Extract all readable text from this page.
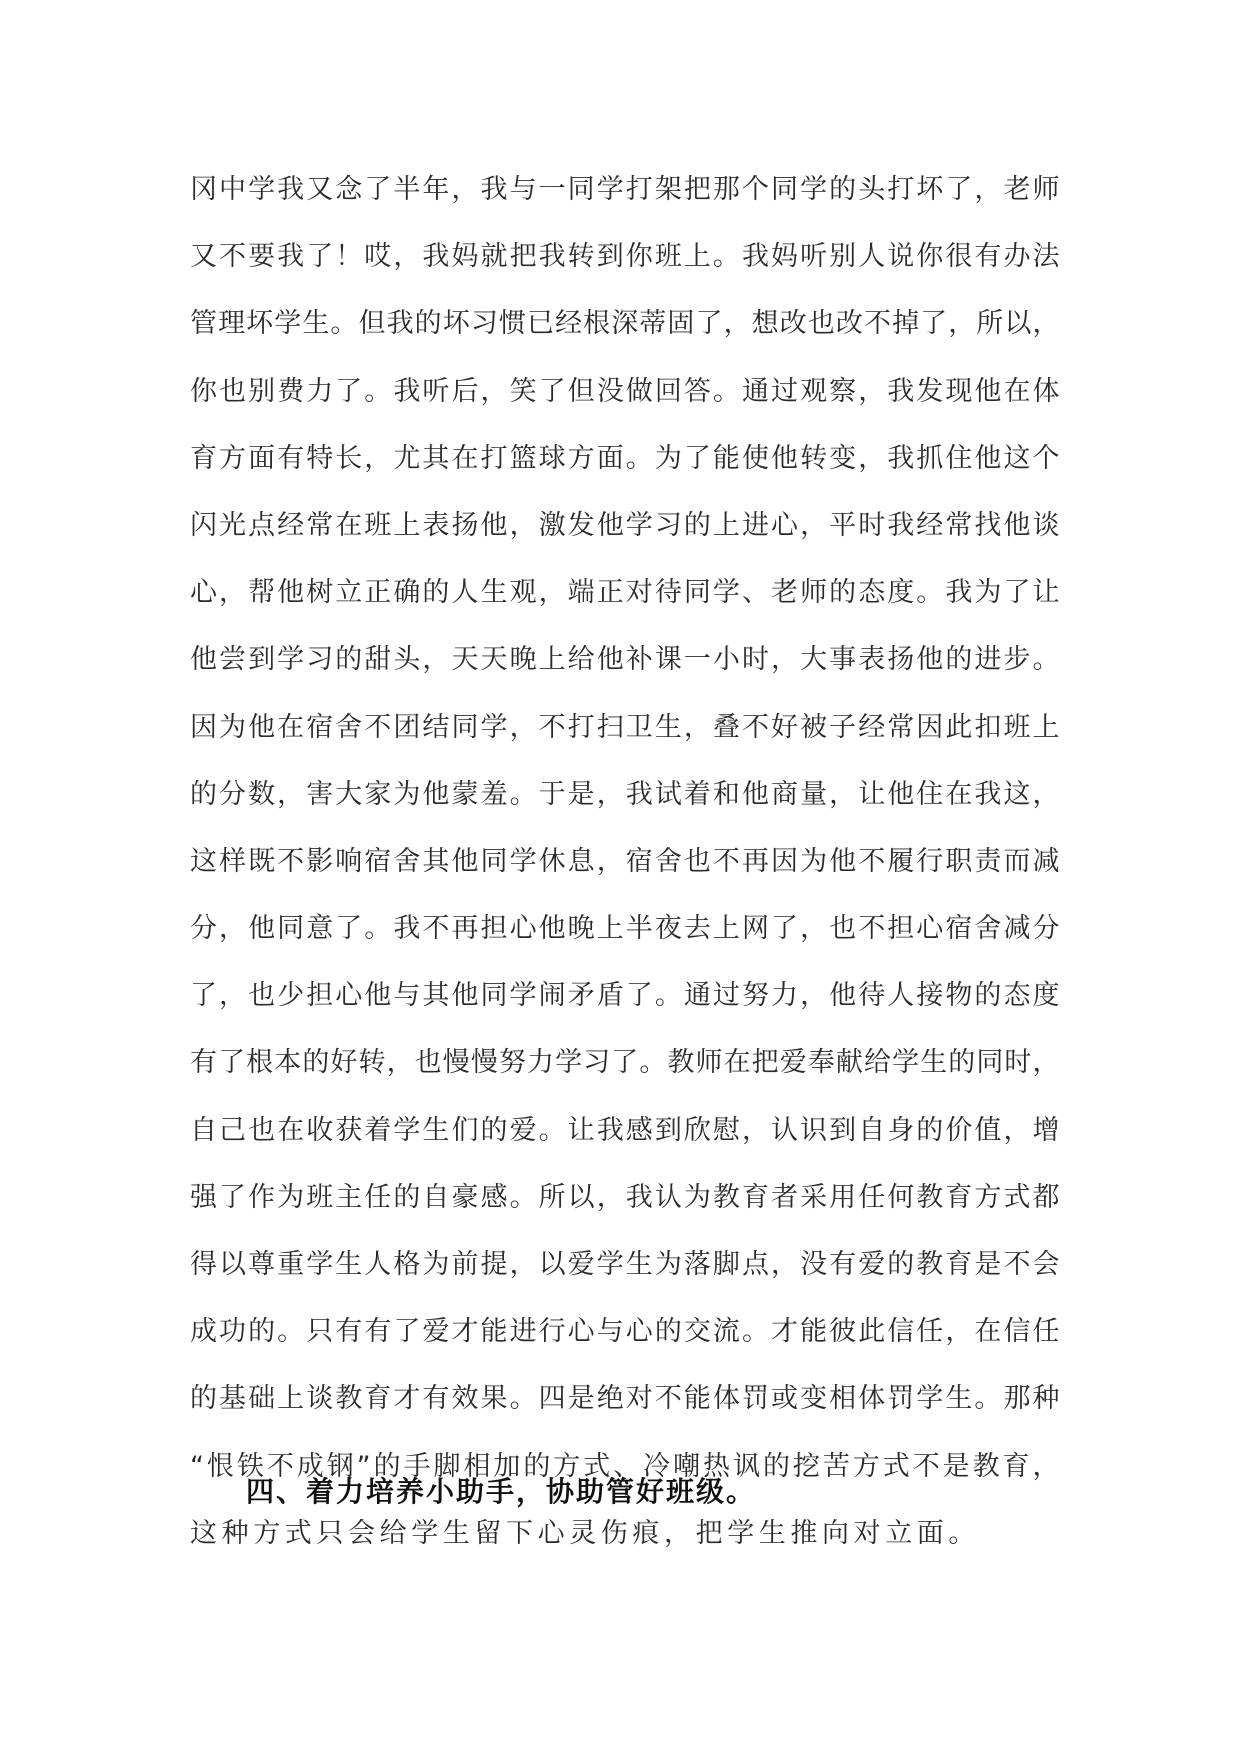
冈中学我又念了半年，我与一同学打架把那个同学的头打坏了，老师
又不要我了！哎，我妈就把我转到你班上。我妈听别人说你很有办法
管理坏学生。但我的坏习惯已经根深蒂固了，想改也改不掉了，所以，
你也别费力了。我听后，笑了但没做回答。通过观察，我发现他在体
育方面有特长，尤其在打篮球方面。为了能使他转变，我抓住他这个
闪光点经常在班上表扬他，激发他学习的上进心，平时我经常找他谈
心，帮他树立正确的人生观，端正对待同学、老师的态度。我为了让
他尝到学习的甜头，天天晚上给他补课一小时，大事表扬他的进步。
因为他在宿舍不团结同学，不打扫卫生，叠不好被子经常因此扣班上
的分数，害大家为他蒙羞。于是，我试着和他商量，让他住在我这，
这样既不影响宿舍其他同学休息，宿舍也不再因为他不履行职责而减
分，他同意了。我不再担心他晚上半夜去上网了，也不担心宿舍减分
了，也少担心他与其他同学闹矛盾了。通过努力，他待人接物的态度
有了根本的好转，也慢慢努力学习了。教师在把爱奉献给学生的同时，
自己也在收获着学生们的爱。让我感到欣慰，认识到自身的价值，增
强了作为班主任的自豪感。所以，我认为教育者采用任何教育方式都
得以尊重学生人格为前提，以爱学生为落脚点，没有爱的教育是不会
成功的。只有有了爱才能进行心与心的交流。才能彼此信任，在信任
的基础上谈教育才有效果。四是绝对不能体罚或变相体罚学生。那种
“恨铁不成钢”的手脚相加的方式、冷嘲热讽的挖苦方式不是教育，
这种方式只会给学生留下心灵伤痕，把学生推向对立面。
四、着力培养小助手，协助管好班级。
